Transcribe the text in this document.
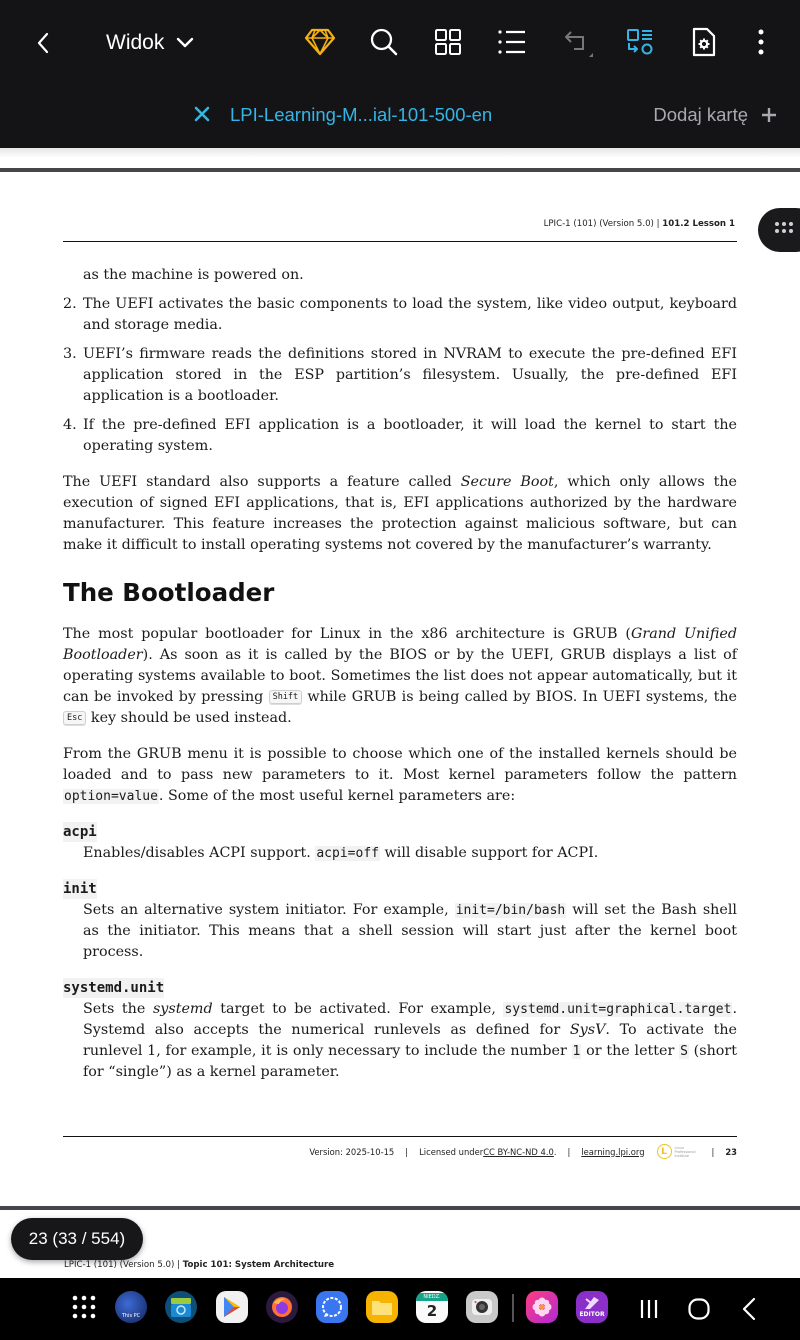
Widok
LPI-Learning-M...ial-101-500-en	Dodaj kartę
LPIC-1 (101) (Version 5.0) | 101.2 Lesson 1

as the machine is powered on.

2. The UEFI activates the basic components to load the system, like video output, keyboard and storage media.
3. UEFI’s firmware reads the definitions stored in NVRAM to execute the pre-defined EFI application stored in the ESP partition’s filesystem. Usually, the pre-defined EFI application is a bootloader.
4. If the pre-defined EFI application is a bootloader, it will load the kernel to start the operating system.

The UEFI standard also supports a feature called Secure Boot, which only allows the execution of signed EFI applications, that is, EFI applications authorized by the hardware manufacturer. This feature increases the protection against malicious software, but can make it difficult to install operating systems not covered by the manufacturer’s warranty.

The Bootloader

The most popular bootloader for Linux in the x86 architecture is GRUB (Grand Unified Bootloader). As soon as it is called by the BIOS or by the UEFI, GRUB displays a list of operating systems available to boot. Sometimes the list does not appear automatically, but it can be invoked by pressing Shift while GRUB is being called by BIOS. In UEFI systems, the Esc key should be used instead.

From the GRUB menu it is possible to choose which one of the installed kernels should be loaded and to pass new parameters to it. Most kernel parameters follow the pattern option=value. Some of the most useful kernel parameters are:

acpi

Enables/disables ACPI support. acpi=off will disable support for ACPI.

init

Sets an alternative system initiator. For example, init=/bin/bash will set the Bash shell as the initiator. This means that a shell session will start just after the kernel boot process.

systemd.unit

Sets the systemd target to be activated. For example, systemd.unit=graphical.target. Systemd also accepts the numerical runlevels as defined for SysV. To activate the runlevel 1, for example, it is only necessary to include the number 1 or the letter S (short for “single”) as a kernel parameter.

Version: 2025-10-15 | Licensed under CC BY-NC-ND 4.0 . | learning.lpi.org	L	Linux Professional Institute	| 23
LPIC-1 (101) (Version 5.0) | Topic 101: System Architecture
23 (33 / 554)
This PC
NIEDZ.
2	EDITOR
